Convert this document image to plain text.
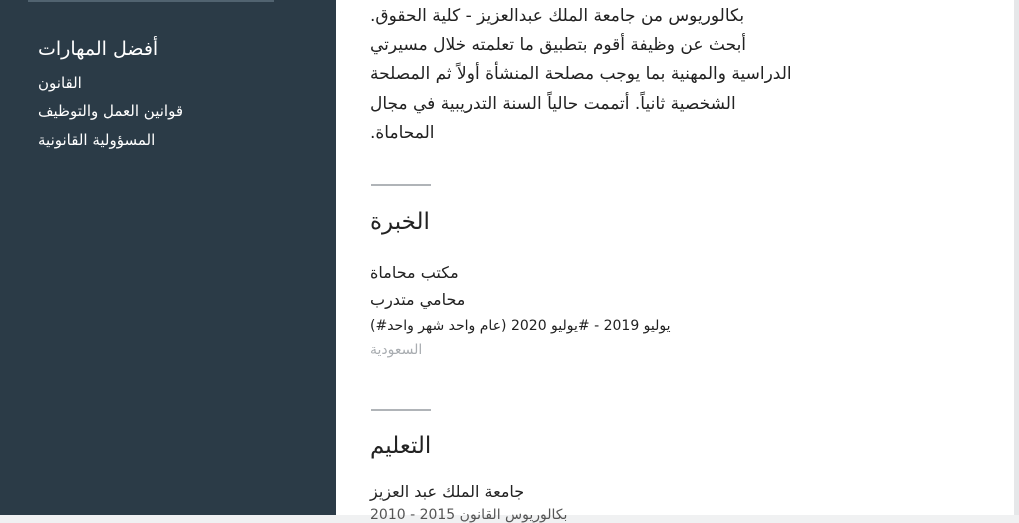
أفضل المهارات
القانون
قوانين العمل والتوظيف
المسؤولية القانونية
بكالوريوس من جامعة الملك عبدالعزيز - كلية الحقوق.
أبحث عن وظيفة أقوم بتطبيق ما تعلمته خلال مسيرتي
الدراسية والمهنية بما يوجب مصلحة المنشأة أولاً ثم المصلحة
الشخصية ثانياً. أتممت حالياً السنة التدريبية في مجال
المحاماة.
الخبرة
مكتب محاماة
محامي متدرب
(#يوليو 2019 - #يوليو 2020 (عام واحد شهر واحد
السعودية
التعليم
جامعة الملك عبد العزيز
2010 - 2015 بكالوريوس القانون
